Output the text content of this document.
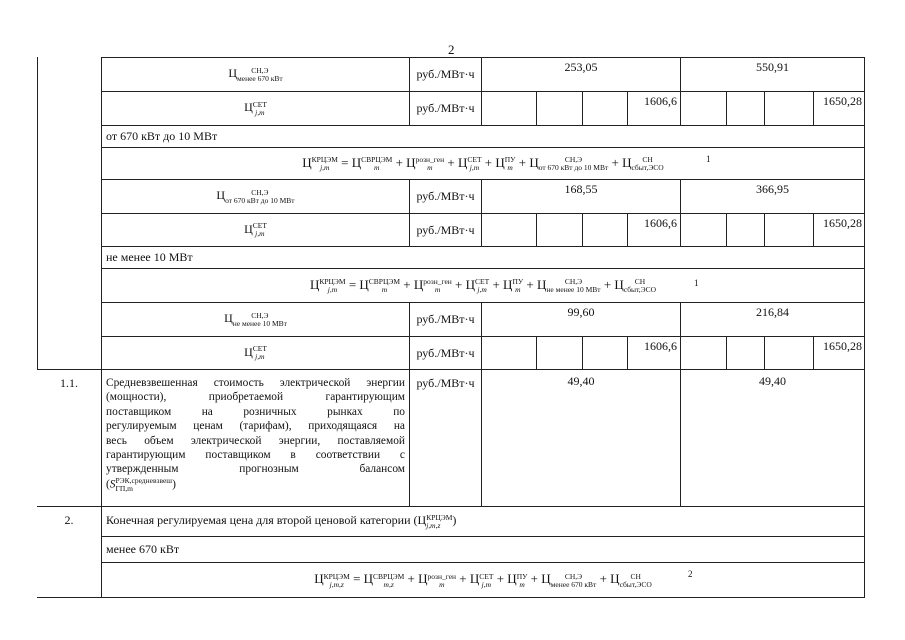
2
Ц	СН,Э
менее 670 кВт	руб./МВт·ч	253,05	550,91
Ц СЕТ
j,m	руб./МВт·ч	1606,6	1650,28
от 670 кВт до 10 МВт
Ц КРЦЭМ
j,m = Ц СВРЦЭМ
m + Ц розн_ген
m + Ц СЕТ
j,m + Ц ПУ
m + Ц	СН,Э
от 670 кВт до 10 МВт + Ц	СН
сбыт,ЭСО
1
Ц	СН,Э
от 670 кВт до 10 МВт	руб./МВт·ч	168,55	366,95
Ц СЕТ
j,m	руб./МВт·ч	1606,6	1650,28
не менее 10 МВт
Ц КРЦЭМ
j,m = Ц СВРЦЭМ
m + Ц розн_ген
m + Ц СЕТ
j,m + Ц ПУ
m + Ц	СН,Э
не менее 10 МВт + Ц	СН
сбыт,ЭСО
1
Ц	СН,Э
не менее 10 МВт	руб./МВт·ч	99,60	216,84
Ц СЕТ
j,m	руб./МВт·ч	1606,6	1650,28
1.1.	Средневзвешенная стоимость электрической энергии
(мощности), приобретаемой гарантирующим
поставщиком на розничных рынках по
регулируемым ценам (тарифам), приходящаяся на
весь объем электрической энергии, поставляемой
гарантирующим поставщиком в соответствии с
утвержденным прогнозным балансом
(S РЭК,средневзвеш
ГП,m	)
руб./МВт·ч	49,40	49,40
2.	Конечная регулируемая цена для второй ценовой категории (Ц КРЦЭМ
j,m,z	)
менее 670 кВт
Ц КРЦЭМ
j,m,z = Ц СВРЦЭМ
m,z + Ц розн_ген
m + Ц СЕТ
j,m + Ц ПУ
m + Ц	СН,Э
менее 670 кВт + Ц	СН
сбыт,ЭСО
2
